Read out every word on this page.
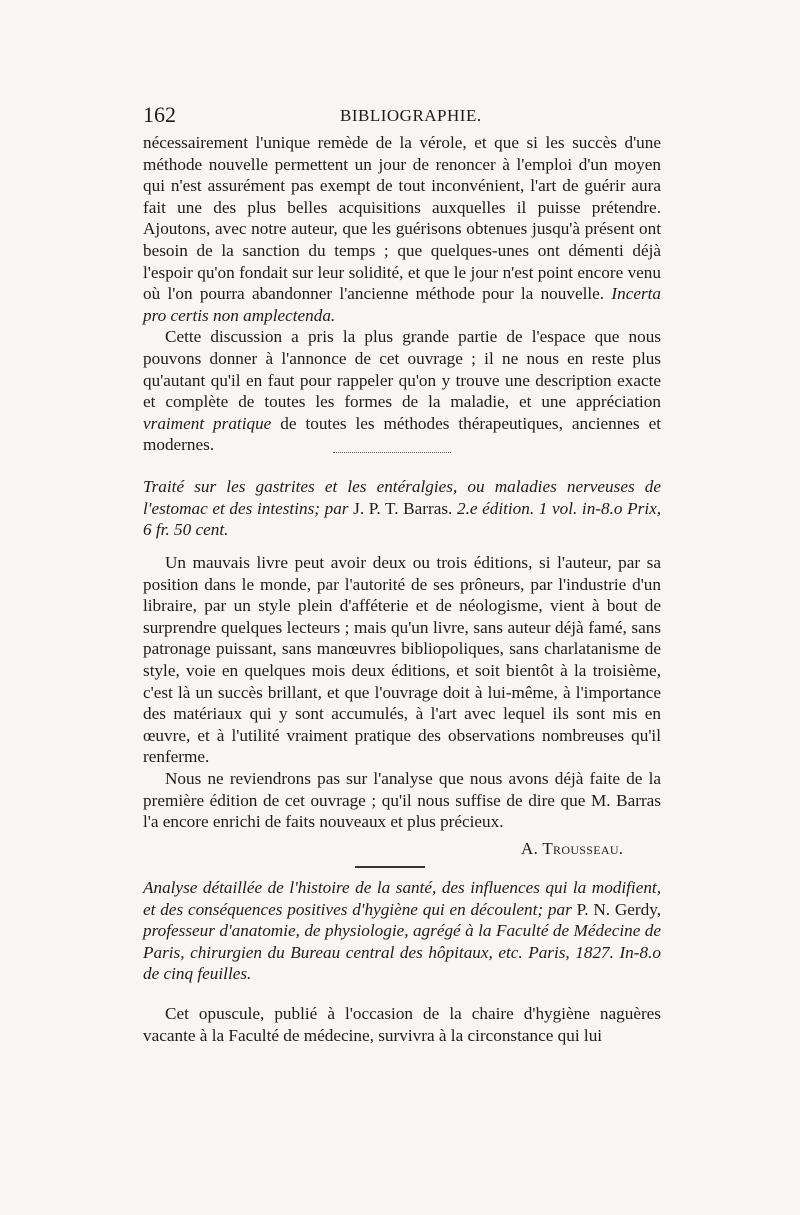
162	BIBLIOGRAPHIE.

nécessairement l'unique remède de la vérole, et que si les succès d'une méthode nouvelle permettent un jour de renoncer à l'emploi d'un moyen qui n'est assurément pas exempt de tout inconvénient, l'art de guérir aura fait une des plus belles acquisitions auxquelles il puisse prétendre. Ajoutons, avec notre auteur, que les guérisons obtenues jusqu'à présent ont besoin de la sanction du temps ; que quelques-unes ont démenti déjà l'espoir qu'on fondait sur leur solidité, et que le jour n'est point encore venu où l'on pourra abandonner l'ancienne méthode pour la nouvelle. Incerta pro certis non amplectenda.

Cette discussion a pris la plus grande partie de l'espace que nous pouvons donner à l'annonce de cet ouvrage ; il ne nous en reste plus qu'autant qu'il en faut pour rappeler qu'on y trouve une description exacte et complète de toutes les formes de la maladie, et une appréciation vraiment pratique de toutes les méthodes thérapeutiques, anciennes et modernes.

Traité sur les gastrites et les entéralgies, ou maladies nerveuses de l'estomac et des intestins; par J. P. T. Barras. 2.e édition. 1 vol. in-8.o Prix, 6 fr. 50 cent.

Un mauvais livre peut avoir deux ou trois éditions, si l'auteur, par sa position dans le monde, par l'autorité de ses prôneurs, par l'industrie d'un libraire, par un style plein d'afféterie et de néologisme, vient à bout de surprendre quelques lecteurs ; mais qu'un livre, sans auteur déjà famé, sans patronage puissant, sans manœuvres bibliopoliques, sans charlatanisme de style, voie en quelques mois deux éditions, et soit bientôt à la troisième, c'est là un succès brillant, et que l'ouvrage doit à lui-même, à l'importance des matériaux qui y sont accumulés, à l'art avec lequel ils sont mis en œuvre, et à l'utilité vraiment pratique des observations nombreuses qu'il renferme.

Nous ne reviendrons pas sur l'analyse que nous avons déjà faite de la première édition de cet ouvrage ; qu'il nous suffise de dire que M. Barras l'a encore enrichi de faits nouveaux et plus précieux.

A. Trousseau.

Analyse détaillée de l'histoire de la santé, des influences qui la modifient, et des conséquences positives d'hygiène qui en découlent; par P. N. Gerdy, professeur d'anatomie, de physiologie, agrégé à la Faculté de Médecine de Paris, chirurgien du Bureau central des hôpitaux, etc. Paris, 1827. In-8.o de cinq feuilles.

Cet opuscule, publié à l'occasion de la chaire d'hygiène naguères vacante à la Faculté de médecine, survivra à la circonstance qui lui
